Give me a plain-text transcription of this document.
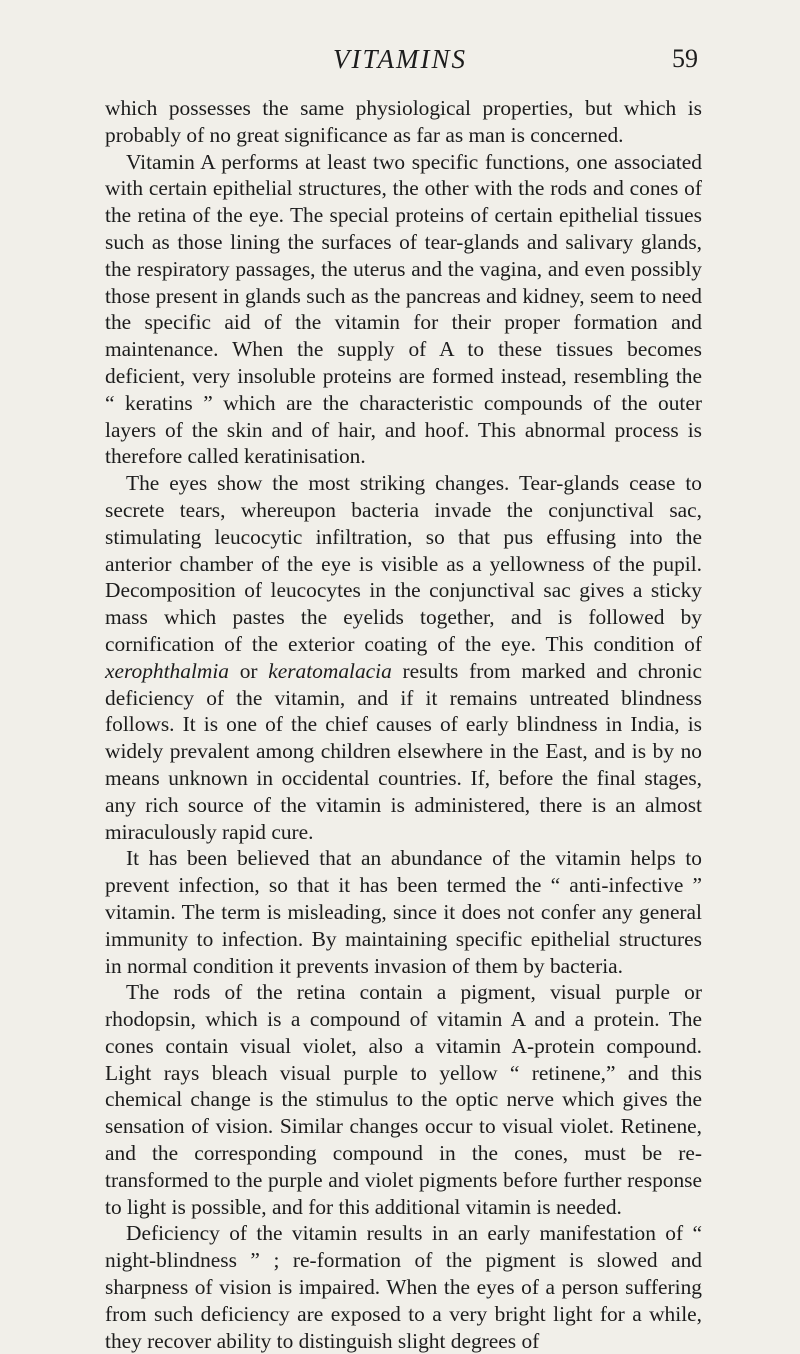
VITAMINS	59

which possesses the same physiological properties, but which is probably of no great significance as far as man is concerned.

Vitamin A performs at least two specific functions, one associated with certain epithelial structures, the other with the rods and cones of the retina of the eye. The special proteins of certain epithelial tissues such as those lining the surfaces of tear-glands and salivary glands, the respiratory passages, the uterus and the vagina, and even possibly those present in glands such as the pancreas and kidney, seem to need the specific aid of the vitamin for their proper formation and maintenance. When the supply of A to these tissues becomes deficient, very insoluble proteins are formed instead, resembling the “ keratins ” which are the characteristic compounds of the outer layers of the skin and of hair, and hoof. This abnormal process is therefore called keratinisation.

The eyes show the most striking changes. Tear-glands cease to secrete tears, whereupon bacteria invade the conjunctival sac, stimulating leucocytic infiltration, so that pus effusing into the anterior chamber of the eye is visible as a yellowness of the pupil. Decomposition of leucocytes in the conjunctival sac gives a sticky mass which pastes the eyelids together, and is followed by cornification of the exterior coating of the eye. This condition of xerophthalmia or keratomalacia results from marked and chronic deficiency of the vitamin, and if it remains untreated blindness follows. It is one of the chief causes of early blindness in India, is widely prevalent among children elsewhere in the East, and is by no means unknown in occidental countries. If, before the final stages, any rich source of the vitamin is administered, there is an almost miraculously rapid cure.

It has been believed that an abundance of the vitamin helps to prevent infection, so that it has been termed the “ anti-infective ” vitamin. The term is misleading, since it does not confer any general immunity to infection. By maintaining specific epithelial structures in normal condition it prevents invasion of them by bacteria.

The rods of the retina contain a pigment, visual purple or rhodopsin, which is a compound of vitamin A and a protein. The cones contain visual violet, also a vitamin A-protein compound. Light rays bleach visual purple to yellow “ retinene,” and this chemical change is the stimulus to the optic nerve which gives the sensation of vision. Similar changes occur to visual violet. Retinene, and the corresponding compound in the cones, must be re-transformed to the purple and violet pigments before further response to light is possible, and for this additional vitamin is needed.

Deficiency of the vitamin results in an early manifestation of “ night-blindness ” ; re-formation of the pigment is slowed and sharpness of vision is impaired. When the eyes of a person suffering from such deficiency are exposed to a very bright light for a while, they recover ability to distinguish slight degrees of
